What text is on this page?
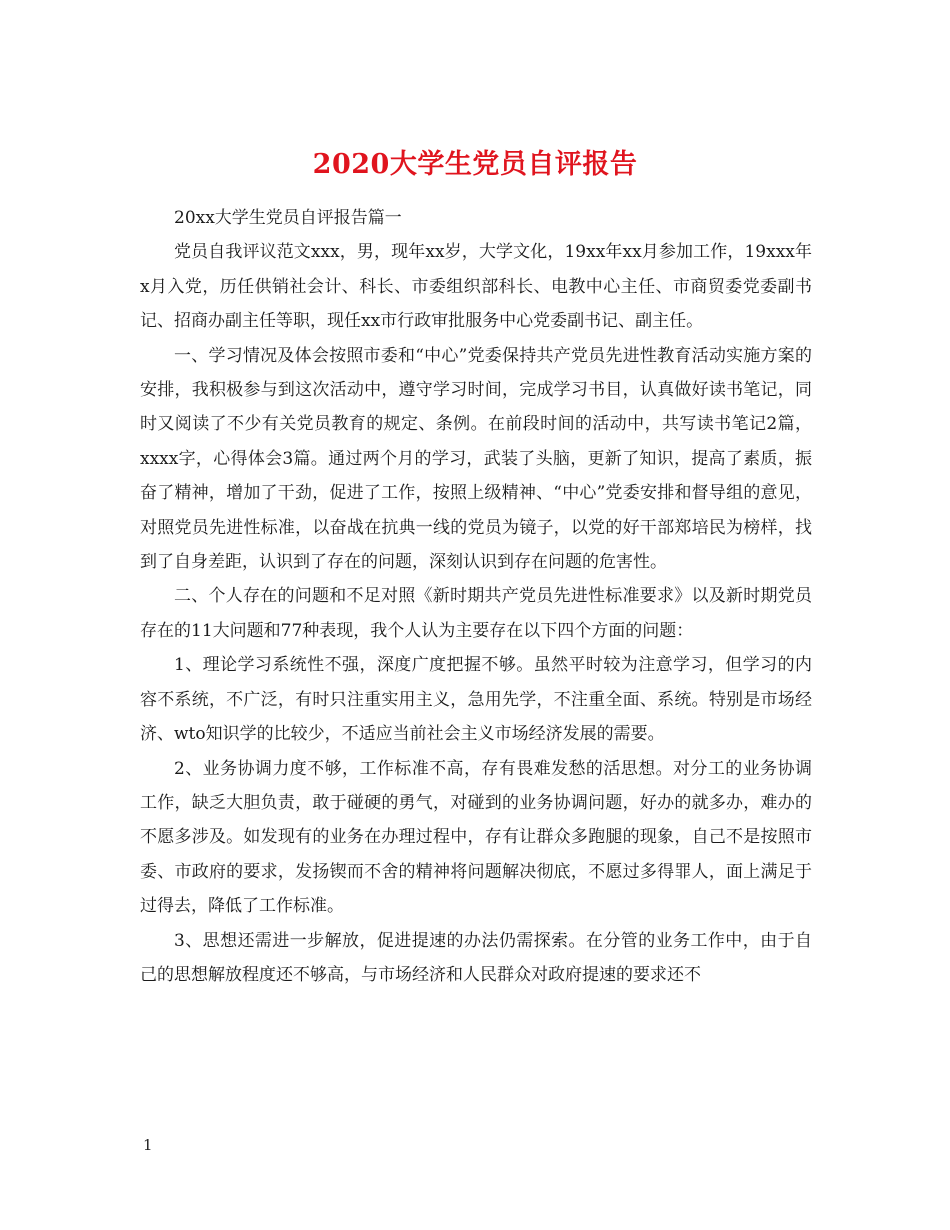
2020大学生党员自评报告

20xx大学生党员自评报告篇一

党员自我评议范文xxx，男，现年xx岁，大学文化，19xx年xx月参加工作，19xxx年x月入党，历任供销社会计、科长、市委组织部科长、电教中心主任、市商贸委党委副书记、招商办副主任等职，现任xx市行政审批服务中心党委副书记、副主任。

一、学习情况及体会按照市委和“中心”党委保持共产党员先进性教育活动实施方案的安排，我积极参与到这次活动中，遵守学习时间，完成学习书目，认真做好读书笔记，同时又阅读了不少有关党员教育的规定、条例。在前段时间的活动中，共写读书笔记2篇，xxxx字，心得体会3篇。通过两个月的学习，武装了头脑，更新了知识，提高了素质，振奋了精神，增加了干劲，促进了工作，按照上级精神、“中心”党委安排和督导组的意见，对照党员先进性标准，以奋战在抗典一线的党员为镜子，以党的好干部郑培民为榜样，找到了自身差距，认识到了存在的问题，深刻认识到存在问题的危害性。

二、个人存在的问题和不足对照《新时期共产党员先进性标准要求》以及新时期党员存在的11大问题和77种表现，我个人认为主要存在以下四个方面的问题：

1、理论学习系统性不强，深度广度把握不够。虽然平时较为注意学习，但学习的内容不系统，不广泛，有时只注重实用主义，急用先学，不注重全面、系统。特别是市场经济、wto知识学的比较少，不适应当前社会主义市场经济发展的需要。

2、业务协调力度不够，工作标准不高，存有畏难发愁的活思想。对分工的业务协调工作，缺乏大胆负责，敢于碰硬的勇气，对碰到的业务协调问题，好办的就多办，难办的不愿多涉及。如发现有的业务在办理过程中，存有让群众多跑腿的现象，自己不是按照市委、市政府的要求，发扬锲而不舍的精神将问题解决彻底，不愿过多得罪人，面上满足于过得去，降低了工作标准。

3、思想还需进一步解放，促进提速的办法仍需探索。在分管的业务工作中，由于自己的思想解放程度还不够高，与市场经济和人民群众对政府提速的要求还不

1
